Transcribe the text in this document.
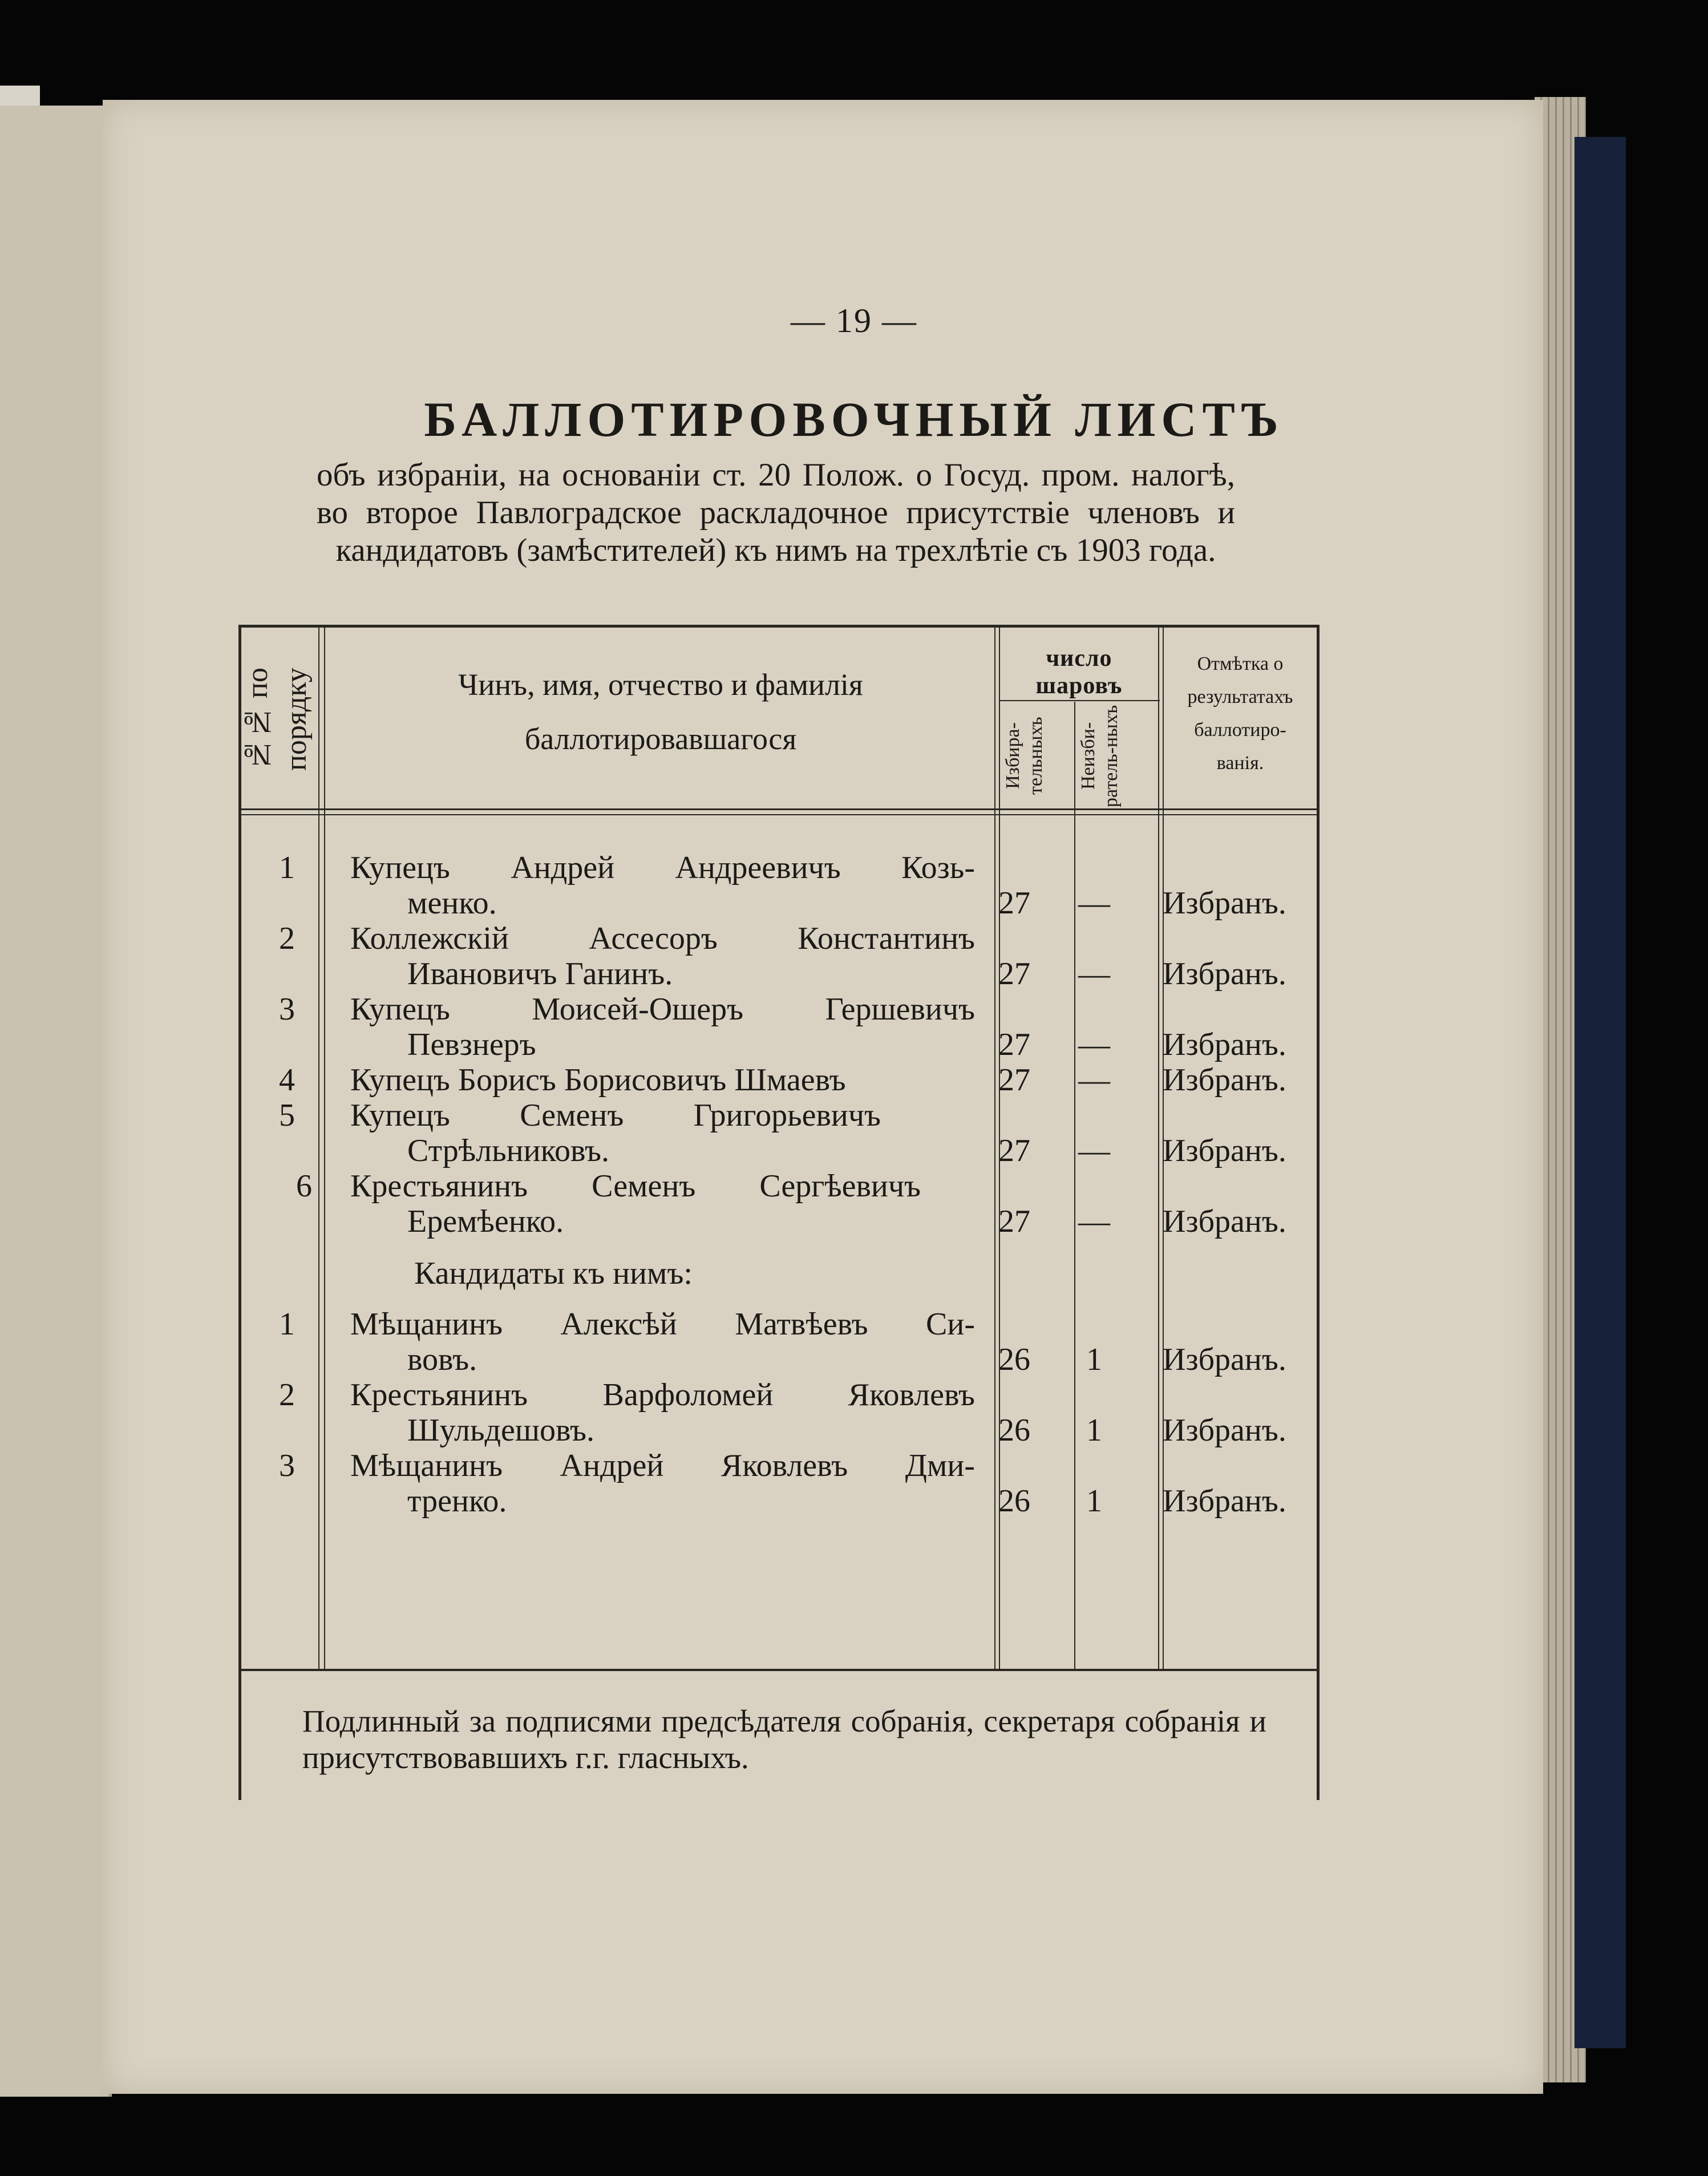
— 19 —
БАЛЛОТИРОВОЧНЫЙ ЛИСТЪ
объ избраніи, на основаніи ст. 20 Полож. о Госуд. пром. налогѣ, во второе Павлоградское раскладочное присутствіе членовъ и кандидатовъ (замѣстителей) къ нимъ на трехлѣтіе съ 1903 года.
№№ по порядку	Чинъ, имя, отчество и фамилія
баллотировавшагося
число шаровъ
Избира-тельныхъ	Неизби-ратель-ныхъ
Отмѣтка о
результатахъ
баллотиро-
ванія.
1	Купецъ Андрей Андреевичъ Козь-
менко.	27 — Избранъ.
2	Коллежскій Ассесоръ Константинъ
Ивановичъ Ганинъ.	27 — Избранъ.
3	Купецъ Моисей-Ошеръ Гершевичъ
Певзнеръ	27 — Избранъ.
4	Купецъ Борисъ Борисовичъ Шмаевъ	27 — Избранъ.
5	Купецъ Семенъ Григорьевичъ
Стрѣльниковъ.	27 — Избранъ.
6	Крестьянинъ Семенъ Сергѣевичъ
Еремѣенко.	27 — Избранъ.
Кандидаты къ нимъ:
1	Мѣщанинъ Алексѣй Матвѣевъ Си-
вовъ.	26	1	Избранъ.
2	Крестьянинъ Варфоломей Яковлевъ
Шульдешовъ.	26	1	Избранъ.
3	Мѣщанинъ Андрей Яковлевъ Дми-
тренко.	26	1	Избранъ.
Подлинный за подписями предсѣдателя собранія, секретаря собранія и присутствовавшихъ г.г. гласныхъ.
